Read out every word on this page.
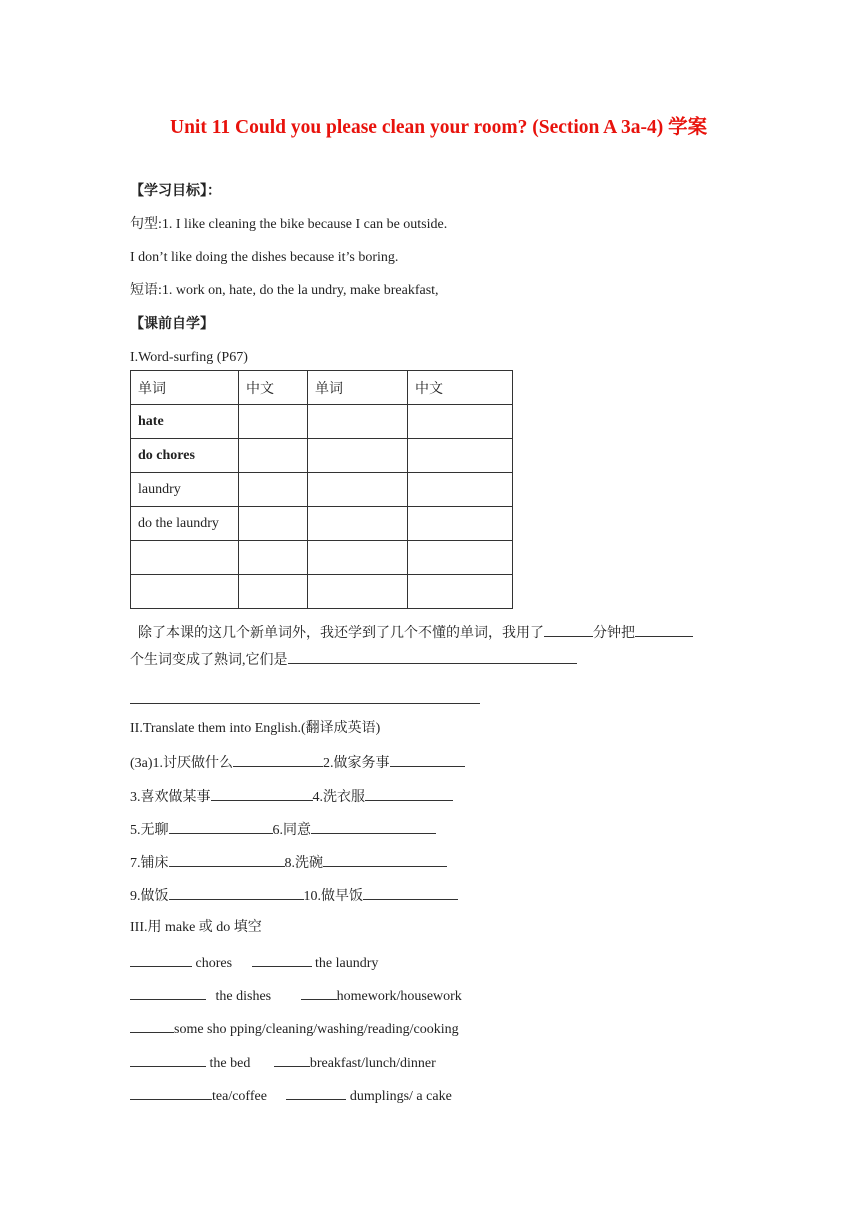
Unit 11 Could you please clean your room? (Section A 3a-4) 学案
【学习目标】：
句型:1. I like cleaning the bike because I can be outside.
I don’t like doing the dishes because it’s boring.
短语:1. work on, hate, do the la undry, make breakfast,
【课前自学】
I.Word-surfing (P67)
单词	中文	单词	中文
hate			
do chores			
laundry			
do the laundry			

除了本课的这几个新单词外，我还学到了几个不懂的单词，我用了	分钟把
个生词变成了熟词,它们是
II.Translate them into English.(翻译成英语)
(3a)1.讨厌做什么	2.做家务事
3.喜欢做某事	4.洗衣服
5.无聊	6.同意
7.铺床	8.洗碗
9.做饭	10.做早饭
III.用 make 或 do 填空
chores	the laundry
the dishes	homework/housework
some sho pping/cleaning/washing/reading/cooking
the bed	breakfast/lunch/dinner
tea/coffee	dumplings/ a cake
